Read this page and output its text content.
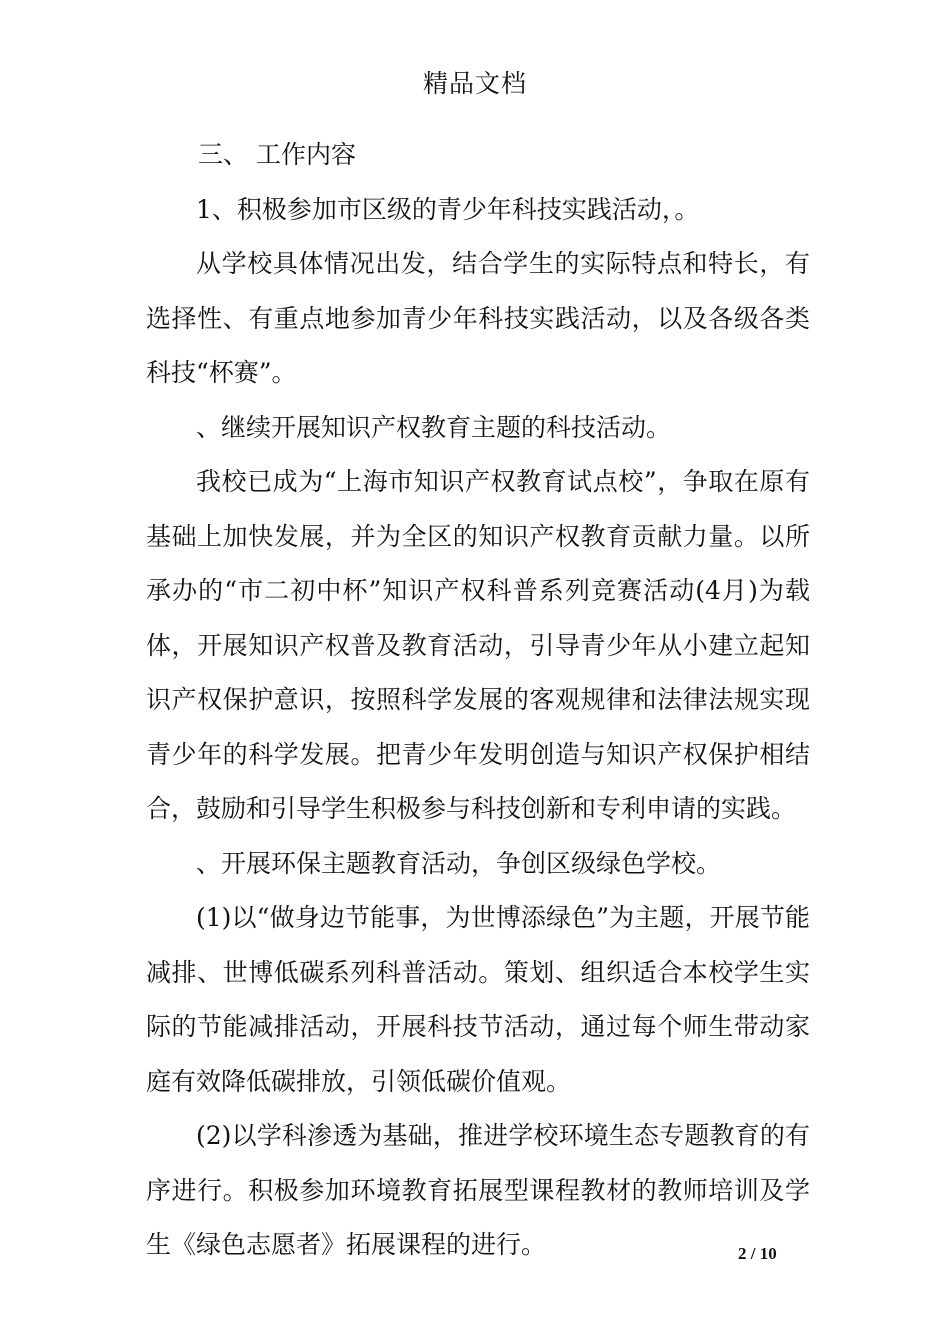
精品文档

三、 工作内容

1、积极参加市区级的青少年科技实践活动，。

从学校具体情况出发，结合学生的实际特点和特长，有选择性、有重点地参加青少年科技实践活动，以及各级各类科技“杯赛”。

、继续开展知识产权教育主题的科技活动。

我校已成为“上海市知识产权教育试点校”，争取在原有基础上加快发展，并为全区的知识产权教育贡献力量。以所承办的“市二初中杯”知识产权科普系列竞赛活动(4月)为载体，开展知识产权普及教育活动，引导青少年从小建立起知识产权保护意识，按照科学发展的客观规律和法律法规实现青少年的科学发展。把青少年发明创造与知识产权保护相结合，鼓励和引导学生积极参与科技创新和专利申请的实践。

、开展环保主题教育活动，争创区级绿色学校。

(1)以“做身边节能事，为世博添绿色”为主题，开展节能减排、世博低碳系列科普活动。策划、组织适合本校学生实际的节能减排活动，开展科技节活动，通过每个师生带动家庭有效降低碳排放，引领低碳价值观。

(2)以学科渗透为基础，推进学校环境生态专题教育的有序进行。积极参加环境教育拓展型课程教材的教师培训及学生《绿色志愿者》拓展课程的进行。	2 / 10
